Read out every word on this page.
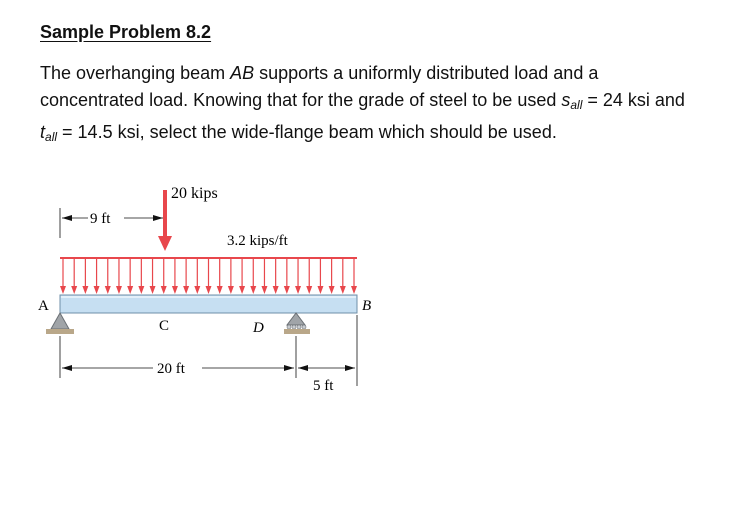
Sample Problem 8.2
The overhanging beam AB supports a uniformly distributed load and a concentrated load. Knowing that for the grade of steel to be used $s_{all} = 24$ ksi and $t_{all} = 14.5$ ksi, select the wide-flange beam which should be used.
A	B
C	D
20 kips
3.2 kips/ft
9 ft
20 ft
5 ft
